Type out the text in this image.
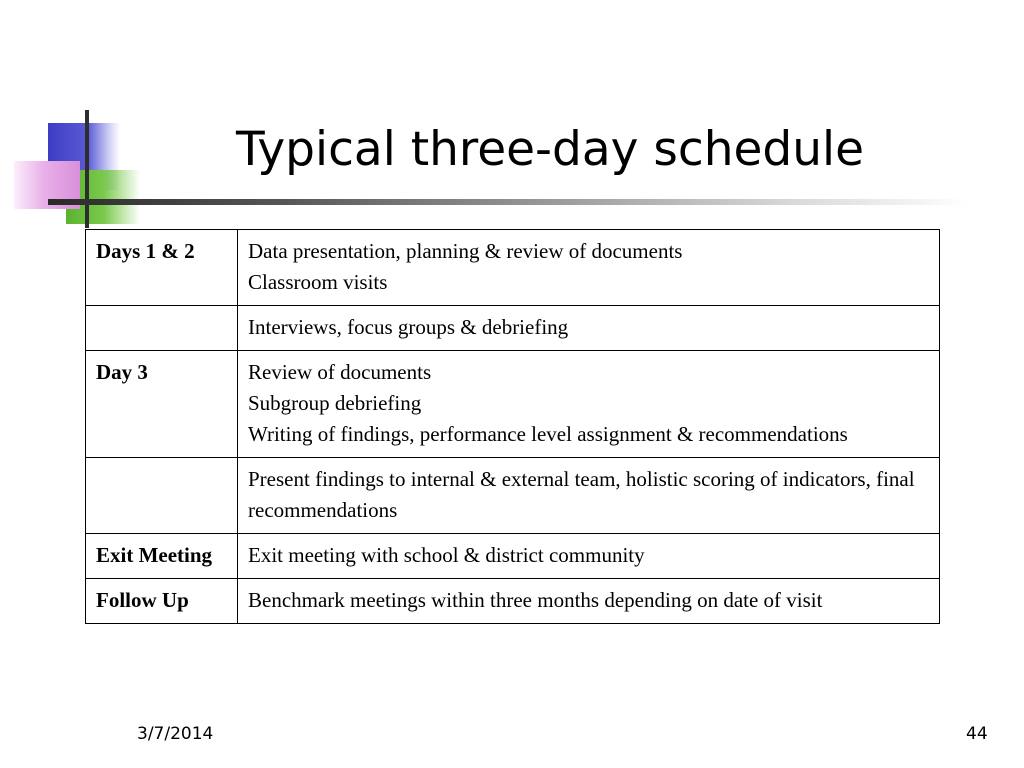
Typical three-day schedule
Days 1 & 2	Data presentation, planning & review of documents
Classroom visits

	Interviews, focus groups & debriefing

Day 3	Review of documents
Subgroup debriefing
Writing of findings, performance level assignment & recommendations

	Present findings to internal & external team, holistic scoring of indicators, final recommendations

Exit Meeting	Exit meeting with school & district community

Follow Up	Benchmark meetings within three months depending on date of visit
3/7/2014	44
